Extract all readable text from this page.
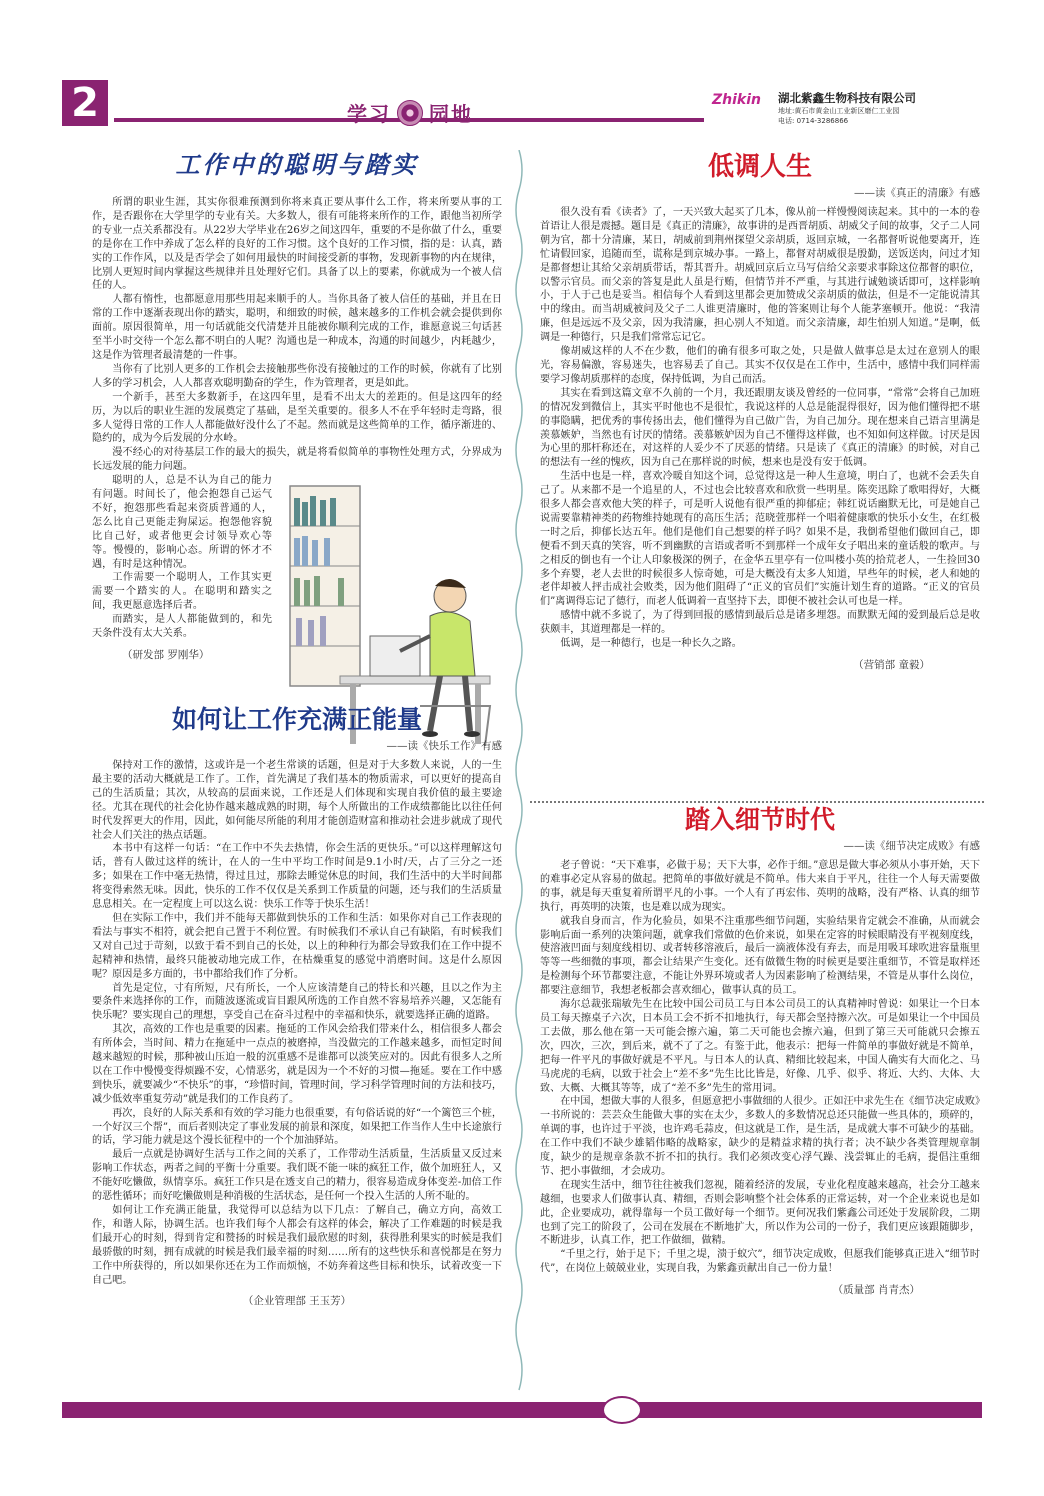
2	学习 园地
Zhikin 湖北紫鑫生物科技有限公司
地址:黄石市黄金山工业新区磨仁工业园
电话: 0714-3286866
工作中的聪明与踏实

所谓的职业生涯，其实你很难预测到你将来真正要从事什么工作，将来所要从事的工作，是否跟你在大学里学的专业有关。大多数人，很有可能将来所作的工作，跟他当初所学的专业一点关系都没有。从22岁大学毕业在26岁之间这四年，重要的不是你做了什么，重要的是你在工作中养成了怎么样的良好的工作习惯。这个良好的工作习惯，指的是：认真，踏实的工作作风，以及是否学会了如何用最快的时间接受新的事物，发现新事物的内在规律，比别人更短时间内掌握这些规律并且处理好它们。具备了以上的要素，你就成为一个被人信任的人。

人都有惰性，也都愿意用那些用起来顺手的人。当你具备了被人信任的基础，并且在日常的工作中逐渐表现出你的踏实，聪明，和细致的时候，越来越多的工作机会就会提供到你面前。原因很简单，用一句话就能交代清楚并且能被你顺利完成的工作，谁愿意说三句话甚至半小时交待一个怎么都不明白的人呢？沟通也是一种成本，沟通的时间越少，内耗越少，这是作为管理者最清楚的一件事。

当你有了比别人更多的工作机会去接触那些你没有接触过的工作的时候，你就有了比别人多的学习机会，人人都喜欢聪明勤奋的学生，作为管理者，更是如此。

一个新手，甚至大多数新手，在这四年里，是看不出太大的差距的。但是这四年的经历，为以后的职业生涯的发展奠定了基础，是至关重要的。很多人不在乎年轻时走弯路，很多人觉得日常的工作人人都能做好没什么了不起。然而就是这些简单的工作，循序渐进的、隐约的，成为今后发展的分水岭。

漫不经心的对待基层工作的最大的损失，就是将看似简单的事物性处理方式，分界成为长远发展的能力问题。

聪明的人，总是不认为自己的能力有问题。时间长了，他会抱怨自己运气不好，抱怨那些看起来资质普通的人，怎么比自己更能走狗屎运。抱怨他容貌比自己好，或者他更会讨领导欢心等等。慢慢的，影响心态。所谓的怀才不遇，有时是这种情况。

工作需要一个聪明人，工作其实更需要一个踏实的人。在聪明和踏实之间，我更愿意选择后者。

而踏实，是人人都能做到的，和先天条件没有太大关系。

（研发部 罗刚华）
如何让工作充满正能量
——读《快乐工作》有感

保持对工作的激情，这或许是一个老生常谈的话题，但是对于大多数人来说，人的一生最主要的活动大概就是工作了。工作，首先满足了我们基本的物质需求，可以更好的提高自己的生活质量；其次，从较高的层面来说，工作还是人们体现和实现自我价值的最主要途径。尤其在现代的社会化协作越来越成熟的时期，每个人所做出的工作成绩都能比以往任何时代发挥更大的作用，因此，如何能尽所能的利用才能创造财富和推动社会进步就成了现代社会人们关注的热点话题。

本书中有这样一句话：“在工作中不失去热情，你会生活的更快乐。”可以这样理解这句话，普有人做过这样的统计，在人的一生中平均工作时间是9.1小时/天，占了三分之一还多；如果在工作中毫无热情，得过且过，那除去睡觉休息的时间，我们生活中的大半时间都将变得索然无味。因此，快乐的工作不仅仅是关系到工作质量的问题，还与我们的生活质量息息相关。在一定程度上可以这么说：快乐工作等于快乐生活！

但在实际工作中，我们并不能每天都做到快乐的工作和生活：如果你对自己工作表现的看法与事实不相符，就会把自己置于不利位置。有时候我们不承认自己有缺陷，有时候我们又对自己过于苛刻，以致于看不到自己的长处，以上的种种行为都会导致我们在工作中提不起精神和热情，最终只能被动地完成工作，在枯燥重复的感觉中消磨时间。这是什么原因呢？原因是多方面的，书中都给我们作了分析。

首先是定位，寸有所短，尺有所长，一个人应该清楚自己的特长和兴趣，且以之作为主要条件来选择你的工作，而随波逐流或盲目跟风所选的工作自然不容易培养兴趣，又怎能有快乐呢？要实现自己的理想，享受自己在奋斗过程中的幸福和快乐，就要选择正确的道路。

其次，高效的工作也是重要的因素。拖延的工作风会给我们带来什么，相信很多人都会有所体会，当时间、精力在拖延中一点点的被磨掉，当没做完的工作越来越多，而恒定时间越来越短的时候，那种被山压迫一般的沉重感不是谁都可以淡笑应对的。因此有很多人之所以在工作中慢慢变得烦躁不安，心情恶劣，就是因为一个不好的习惯—拖延。要在工作中感到快乐，就要减少“不快乐”的事，“珍惜时间，管理时间，学习科学管理时间的方法和技巧，减少低效率重复劳动”就是我们的工作良药了。

再次，良好的人际关系和有效的学习能力也很重要，有句俗话说的好“一个篱笆三个桩，一个好汉三个帮”，而后者则决定了事业发展的前景和深度，如果把工作当作人生中长途旅行的话，学习能力就是这个漫长征程中的一个个加油驿站。

最后一点就是协调好生活与工作之间的关系了，工作带动生活质量，生活质量又反过来影响工作状态，两者之间的平衡十分重要。我们既不能一味的疯狂工作，做个加班狂人，又不能好吃懒做，纵情享乐。疯狂工作只是在透支自己的精力，很容易造成身体变差-加倍工作的恶性循环；而好吃懒做则是种消极的生活状态，是任何一个投入生活的人所不耻的。

如何让工作充满正能量，我觉得可以总结为以下几点：了解自己，确立方向，高效工作，和谐人际，协调生活。也许我们每个人都会有这样的体会，解决了工作难题的时候是我们最开心的时刻，得到肯定和赞扬的时候是我们最欣慰的时刻，获得胜利果实的时候是我们最骄傲的时刻，拥有成就的时候是我们最幸福的时刻……所有的这些快乐和喜悦都是在努力工作中所获得的，所以如果你还在为工作而烦恼，不妨奔着这些目标和快乐，试着改变一下自己吧。

（企业管理部 王玉芳）
低调人生
——读《真正的清廉》有感

很久没有看《读者》了，一天兴致大起买了几本，像从前一样慢慢阅读起来。其中的一本的卷首语让人很是震撼。题目是《真正的清廉》，故事讲的是西晋胡质、胡威父子间的故事，父子二人同朝为官，都十分清廉，某日，胡威前到荆州探望父亲胡质，返回京城，一名都督听说他要离开，连忙请假回家，追随而至，谎称是到京城办事。一路上，都督对胡威很是殷勤，送饭送肉，问过才知是都督想让其给父亲胡质带话，帮其晋升。胡威回京后立马写信给父亲要求事除这位都督的职位，以警示官员。而父亲的答复是此人虽是行贿，但情节并不严重，与其进行诚勉谈话即可，这样影响小，于人于己也是妥当。相信每个人看到这里都会更加赞成父亲胡质的做法，但是不一定能说清其中的缘由。而当胡威被问及父子二人谁更清廉时，他的答案则让每个人能茅塞顿开。他说：“我清廉，但是远远不及父亲，因为我清廉，担心别人不知道。而父亲清廉，却生怕别人知道。”是啊，低调是一种德行，只是我们常常忘记它。

像胡威这样的人不在少数，他们的确有很多可取之处，只是做人做事总是太过在意别人的眼光，容易偏激，容易迷失，也容易丢了自己。其实不仅仅是在工作中，生活中，感情中我们同样需要学习像胡质那样的态度，保持低调，为自己而活。

其实在看到这篇文章不久前的一个月，我还跟朋友谈及曾经的一位同事，“常常”会将自己加班的情况发到微信上，其实平时他也不是很忙，我说这样的人总是能混得很好，因为他们懂得把不堪的事隐瞒，把优秀的事传扬出去，他们懂得为自己做广告，为自己加分。现在想来自己语言里满是羡慕嫉妒，当然也有讨厌的情绪。羡慕嫉妒因为自己不懂得这样做，也不知如何这样做。讨厌是因为心里的那杆称还在，对这样的人妥少不了厌恶的情绪。只是读了《真正的清廉》的时候，对自己的想法有一丝的愧疚，因为自己在那样说的时候，想来也是没有安于低调。

生活中也是一样，喜欢冷暖自知这个词，总觉得这是一种人生意境，明白了，也就不会丢失自己了。从来都不是一个追星的人，不过也会比较喜欢和欣赏一些明星。陈奕迅除了歌唱得好，大概很多人都会喜欢他大笑的样子，可是听人说他有很严重的抑郁症；韩红说话幽默无比，可是她自己说需要靠精神类的药物维持她现有的高压生活；范晓萱那样一个唱着健康歌的快乐小女生，在红极一时之后，抑郁长达五年。他们是他们自己想要的样子吗？如果不是，我倒希望他们做回自己，即便看不到天真的笑容，听不到幽默的言语或者听不到那样一个成年女子唱出来的童话般的歌声。与之相反的倒也有一个让人印象极深的例子，在金华五里亭有一位叫楼小英的拾荒老人，一生捡回30多个弃婴，老人去世的时候很多人惊奇她，可是大概没有太多人知道，早些年的时候，老人和她的老伴却被人抨击成社会败类，因为他们阻碍了“正义的官员们”实施计划生育的道路。“正义的官员们”离调得忘记了德行，而老人低调着一直坚持下去，即便不被社会认可也是一样。

感情中就不多说了，为了得到回报的感情到最后总是诸多埋怨。而默默无闻的爱到最后总是收获颇丰，其道理都是一样的。

低调，是一种德行，也是一种长久之路。

（营销部 童毅）
踏入细节时代
——读《细节决定成败》有感

老子曾说：“天下难事，必做于易；天下大事，必作于细。”意思是做大事必须从小事开始，天下的难事必定从容易的做起。把简单的事做好就是不简单。伟大来自于平凡，往往一个人每天需要做的事，就是每天重复着所谓平凡的小事。一个人有了再宏伟、英明的战略，没有严格、认真的细节执行，再英明的决策，也是难以成为现实。

就我自身而言，作为化验员，如果不注重那些细节问题，实验结果肯定就会不准确，从而就会影响后面一系列的决策问题，就拿我们常做的色价来说，如果在定容的时候眼睛没有平视刻度线，使溶液凹面与刻度线相切、或者转移溶液后，最后一滴液体没有弃去，而是用吸耳球吹进容量瓶里等等一些细微的事项，都会让结果产生变化。还有做微生物的时候更是要注重细节，不管是取样还是检测每个环节都要注意，不能让外界环境或者人为因素影响了检测结果，不管是从事什么岗位，都要注意细节，我想老板都会喜欢细心，做事认真的员工。

海尔总裁张瑞敏先生在比较中国公司员工与日本公司员工的认真精神时曾说：如果让一个日本员工每天擦桌子六次，日本员工会不折不扣地执行，每天都会坚持擦六次。可是如果让一个中国员工去做，那么他在第一天可能会擦六遍，第二天可能也会擦六遍，但到了第三天可能就只会擦五次，四次，三次，到后来，就不了了之。有鉴于此，他表示：把每一件简单的事做好就是不简单，把每一件平凡的事做好就是不平凡。与日本人的认真、精细比较起来，中国人确实有大而化之、马马虎虎的毛病，以致于社会上“差不多”先生比比皆是，好像、几乎、似乎、将近、大约、大体、大致、大概、大概其等等，成了“差不多”先生的常用词。

在中国，想做大事的人很多，但愿意把小事做细的人很少。正如汪中求先生在《细节决定成败》一书所说的：芸芸众生能做大事的实在太少，多数人的多数情况总还只能做一些具体的，琐碎的，单调的事，也许过于平淡，也许鸡毛蒜皮，但这就是工作，是生活，是成就大事不可缺少的基础。在工作中我们不缺少雄韬伟略的战略家，缺少的是精益求精的执行者；决不缺少各类管理规章制度，缺少的是规章条款不折不扣的执行。我们必须改变心浮气躁、浅尝辄止的毛病，提倡注重细节、把小事做细，才会成功。

在现实生活中，细节往往被我们忽视，随着经济的发展，专业化程度越来越高，社会分工越来越细，也要求人们做事认真、精细，否则会影响整个社会体系的正常运转，对一个企业来说也是如此，企业要成功，就得靠每一个员工做好每一个细节。更何况我们紫鑫公司还处于发展阶段，二期也到了完工的阶段了，公司在发展在不断地扩大，所以作为公司的一份子，我们更应该跟随脚步，不断进步，认真工作，把工作做细，做精。

“千里之行，始于足下；千里之堤，溃于蚁穴”，细节决定成败，但愿我们能够真正进入“细节时代”，在岗位上兢兢业业，实现自我，为紫鑫贡献出自己一份力量！

（质量部 肖青杰）
